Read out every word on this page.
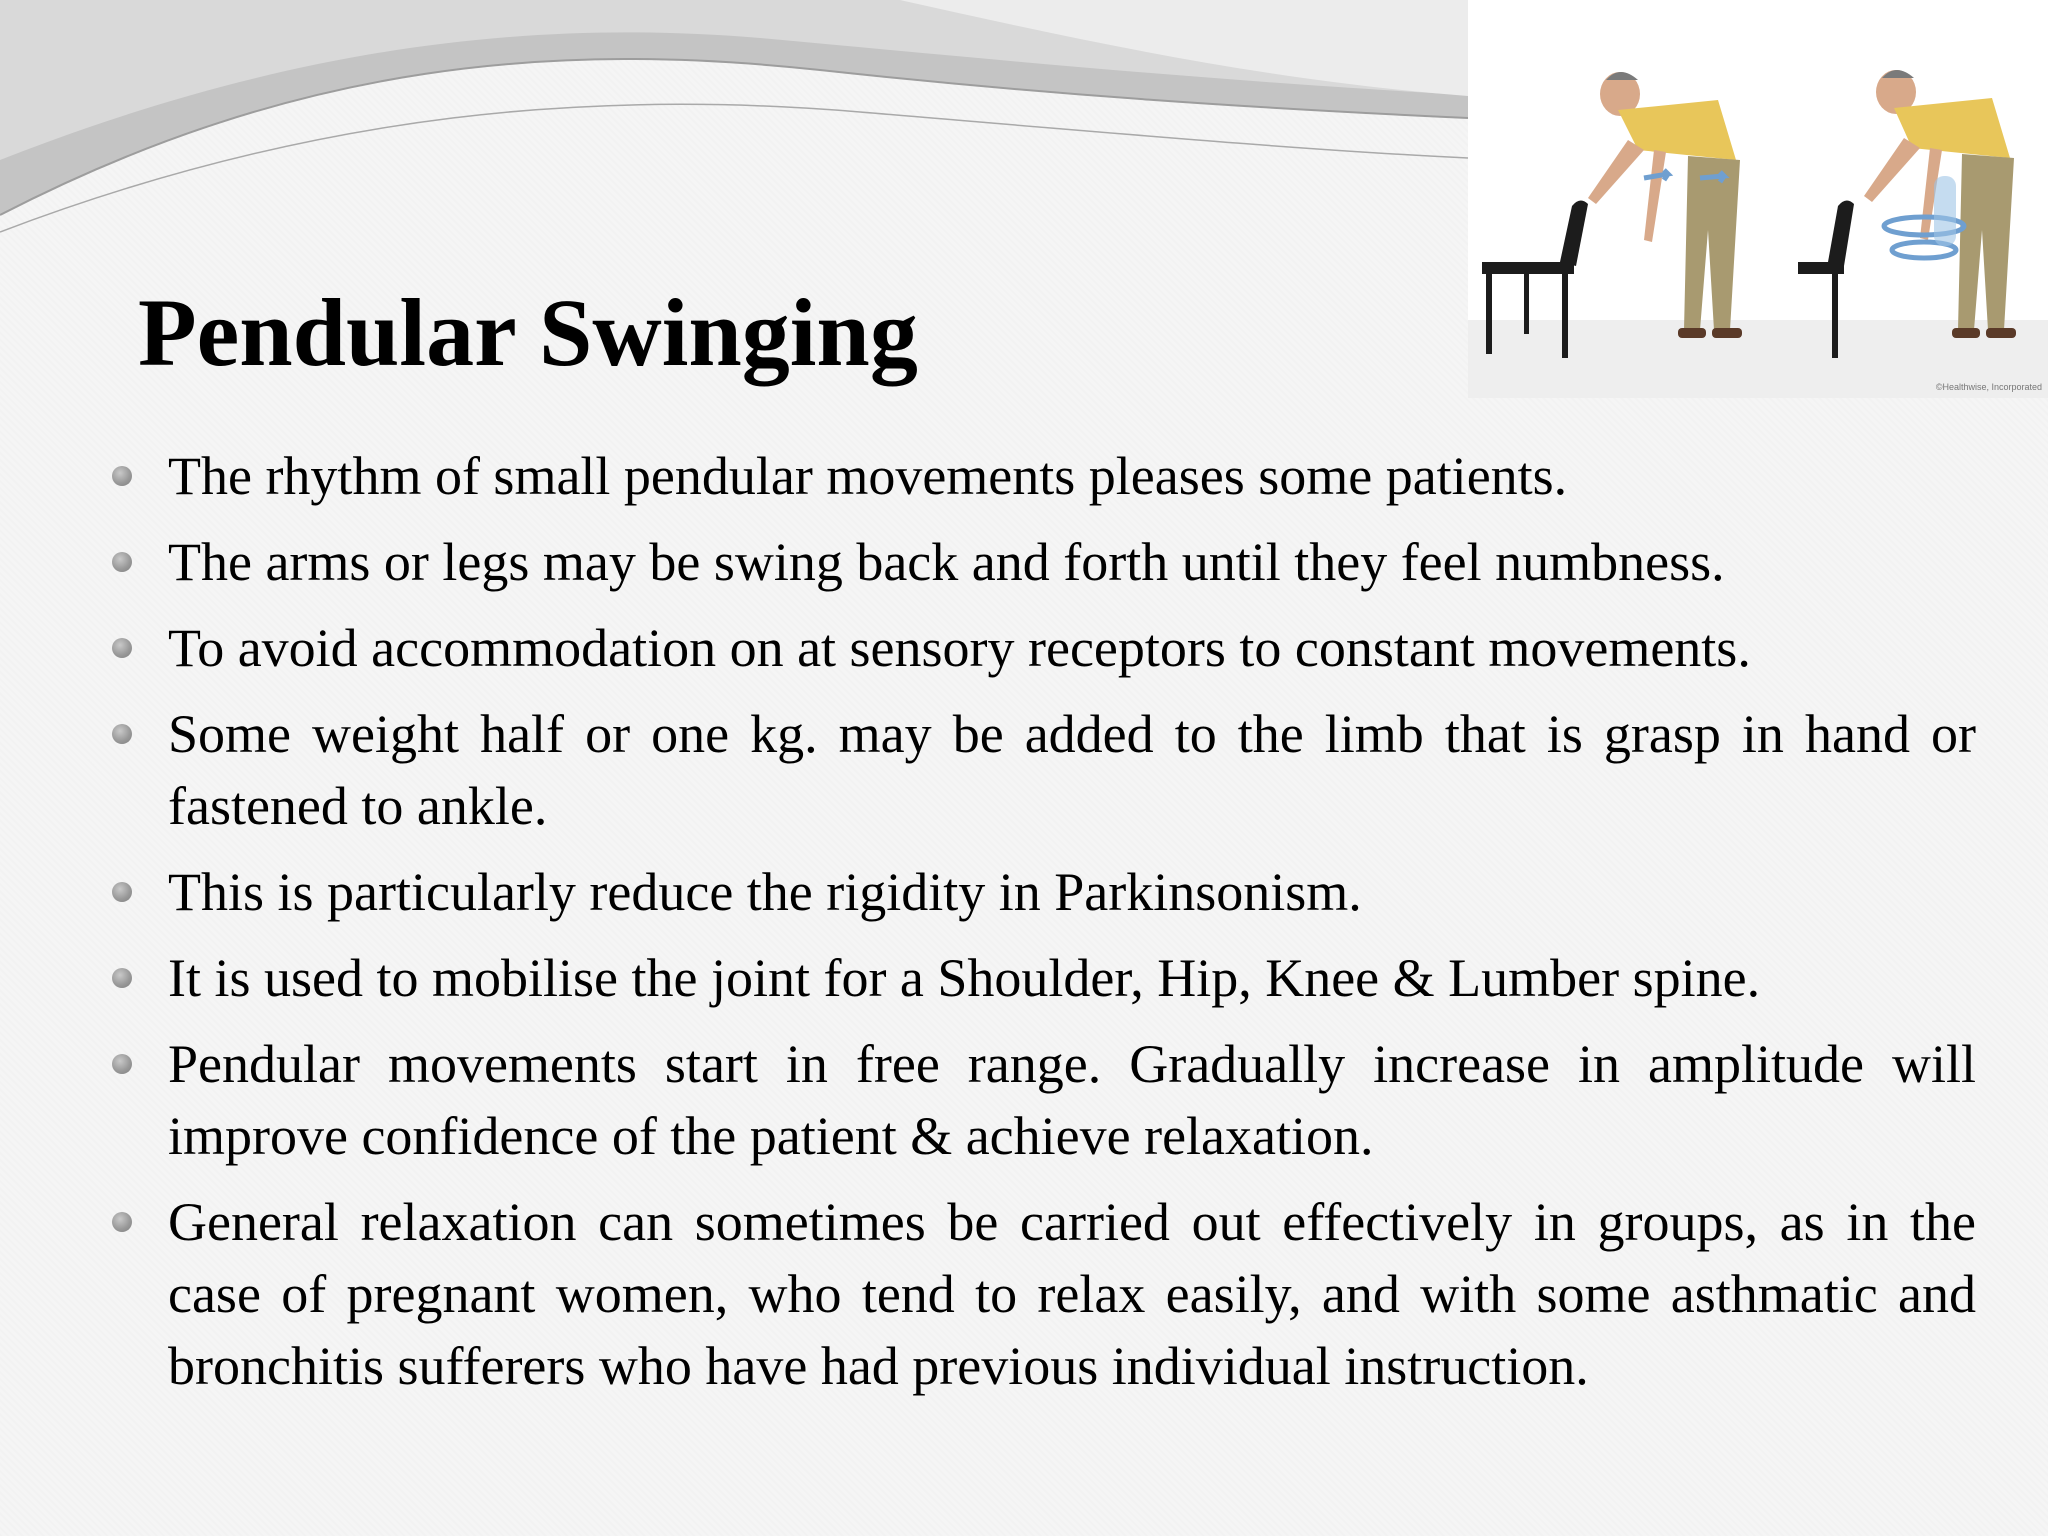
©Healthwise, Incorporated
Pendular Swinging
The rhythm of small pendular movements pleases some patients.
The arms or legs may be swing back and forth until they feel numbness.
To avoid accommodation on at sensory receptors to constant movements.
Some weight half or one kg. may be added to the limb that is grasp in hand or fastened to ankle.
This is particularly reduce the rigidity in Parkinsonism.
It is used to mobilise the joint for a Shoulder, Hip, Knee & Lumber spine.
Pendular movements start in free range. Gradually increase in amplitude will improve confidence of the patient & achieve relaxation.
General relaxation can sometimes be carried out effectively in groups, as in the case of pregnant women, who tend to relax easily, and with some asthmatic and bronchitis sufferers who have had previous individual instruction.
